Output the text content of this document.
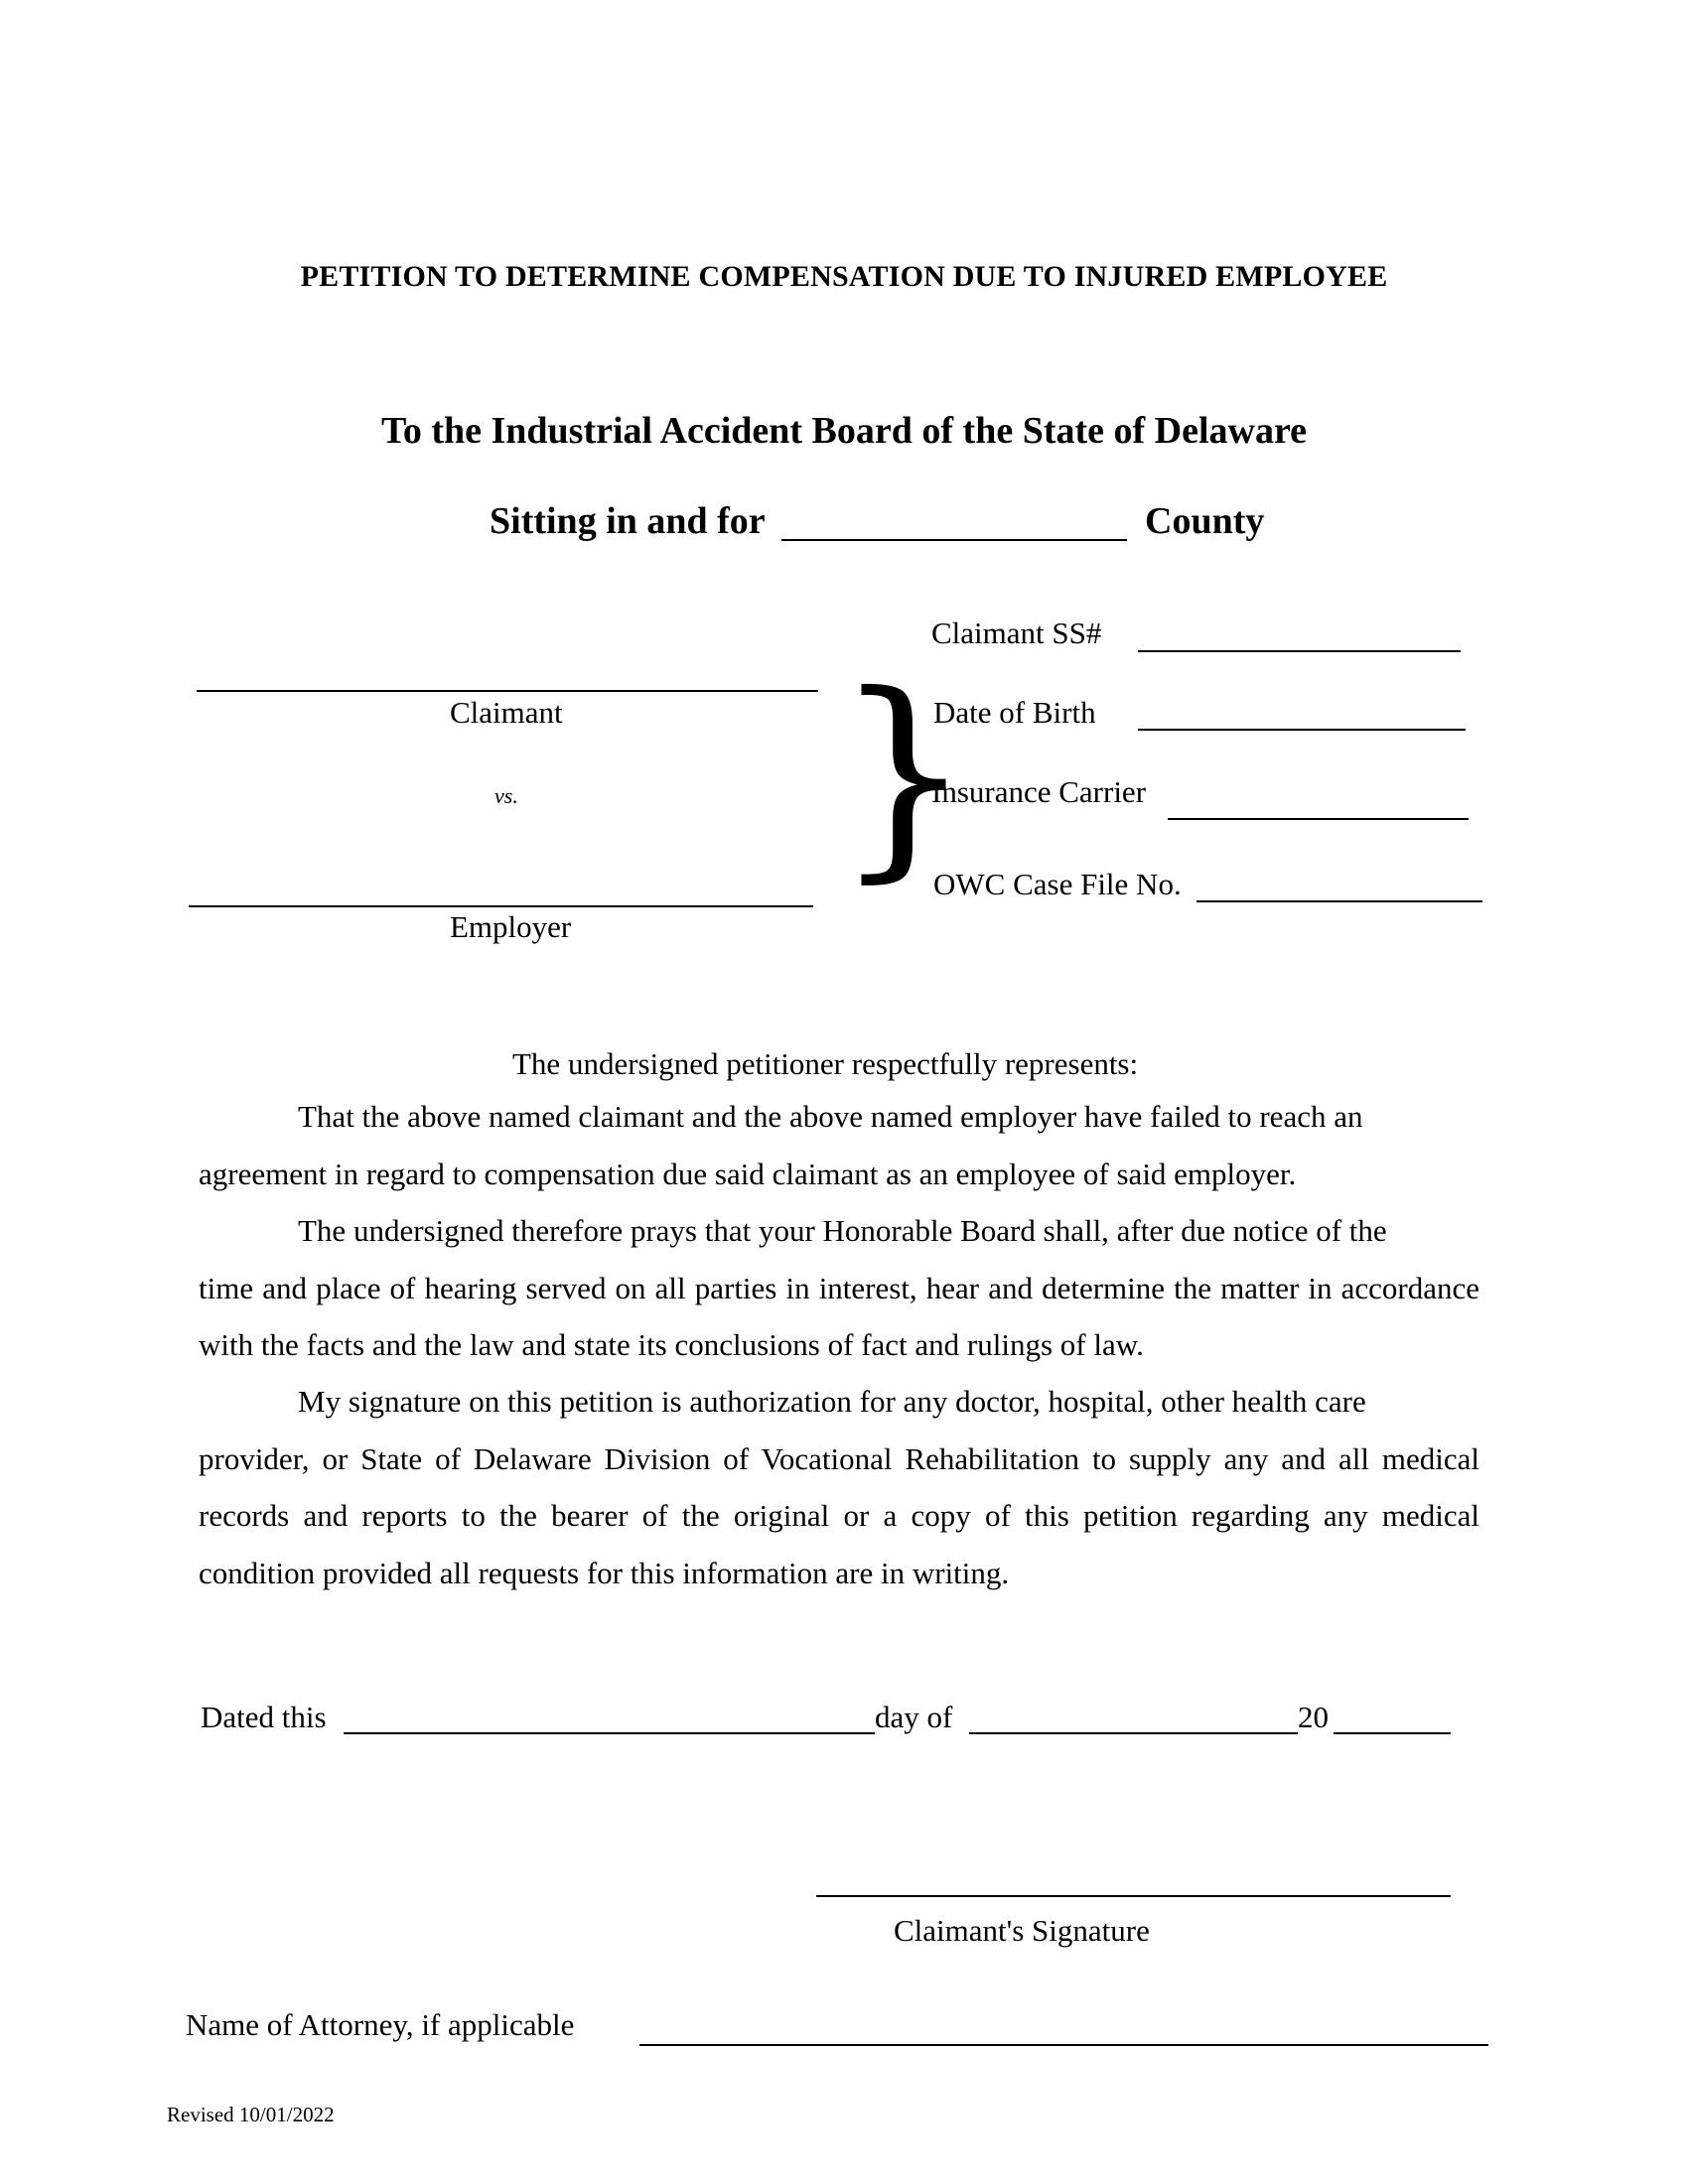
PETITION TO DETERMINE COMPENSATION DUE TO INJURED EMPLOYEE
To the Industrial Accident Board of the State of Delaware
Sitting in and for	County
Claimant
vs.
Employer
}
Claimant SS#
Date of Birth
Insurance Carrier
OWC Case File No.
The undersigned petitioner respectfully represents:
That the above named claimant and the above named employer have failed to reach an
agreement in regard to compensation due said claimant as an employee of said employer.
The undersigned therefore prays that your Honorable Board shall, after due notice of the
time and place of hearing served on all parties in interest, hear and determine the matter in accordance with the facts and the law and state its conclusions of fact and rulings of law.
My signature on this petition is authorization for any doctor, hospital, other health care
provider, or State of Delaware Division of Vocational Rehabilitation to supply any and all medical records and reports to the bearer of the original or a copy of this petition regarding any medical condition provided all requests for this information are in writing.
Dated this	day of	20
Claimant's Signature
Name of Attorney, if applicable
Revised 10/01/2022
